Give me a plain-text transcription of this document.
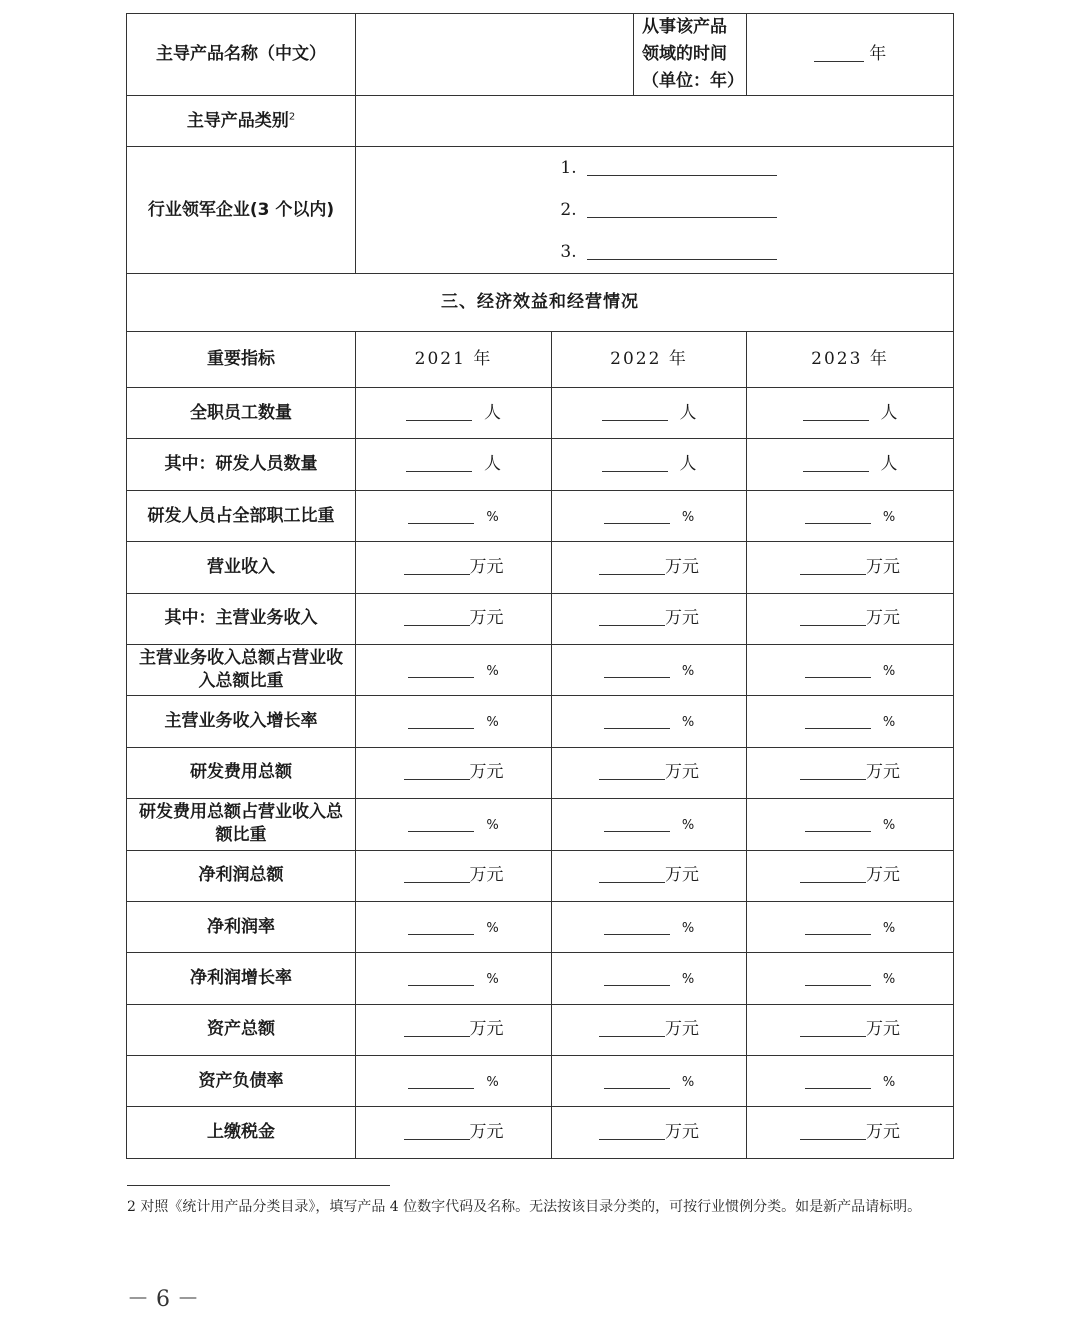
主导产品名称（中文）			从事该产品领域的时间（单位：年）	年
主导产品类别$^2$	
行业领军企业(3 个以内)	1.
2.
3.			

三、经济效益和经营情况				
重要指标	2021 年	2022 年		2023 年
全职员工数量	人	人		人
其中：研发人员数量	人	人		人
研发人员占全部职工比重	%	%		%
营业收入	万元	万元		万元
其中：主营业务收入	万元	万元		万元
主营业务收入总额占营业收入总额比重	%	%		%
主营业务收入增长率	%	%		%
研发费用总额	万元	万元		万元
研发费用总额占营业收入总额比重	%	%		%
净利润总额	万元	万元		万元
净利润率	%	%		%
净利润增长率	%	%		%
资产总额	万元	万元		万元
资产负债率	%	%		%
上缴税金	万元	万元		万元
2 对照《统计用产品分类目录》，填写产品 4 位数字代码及名称。无法按该目录分类的，可按行业惯例分类。如是新产品请标明。
－ 6 －
